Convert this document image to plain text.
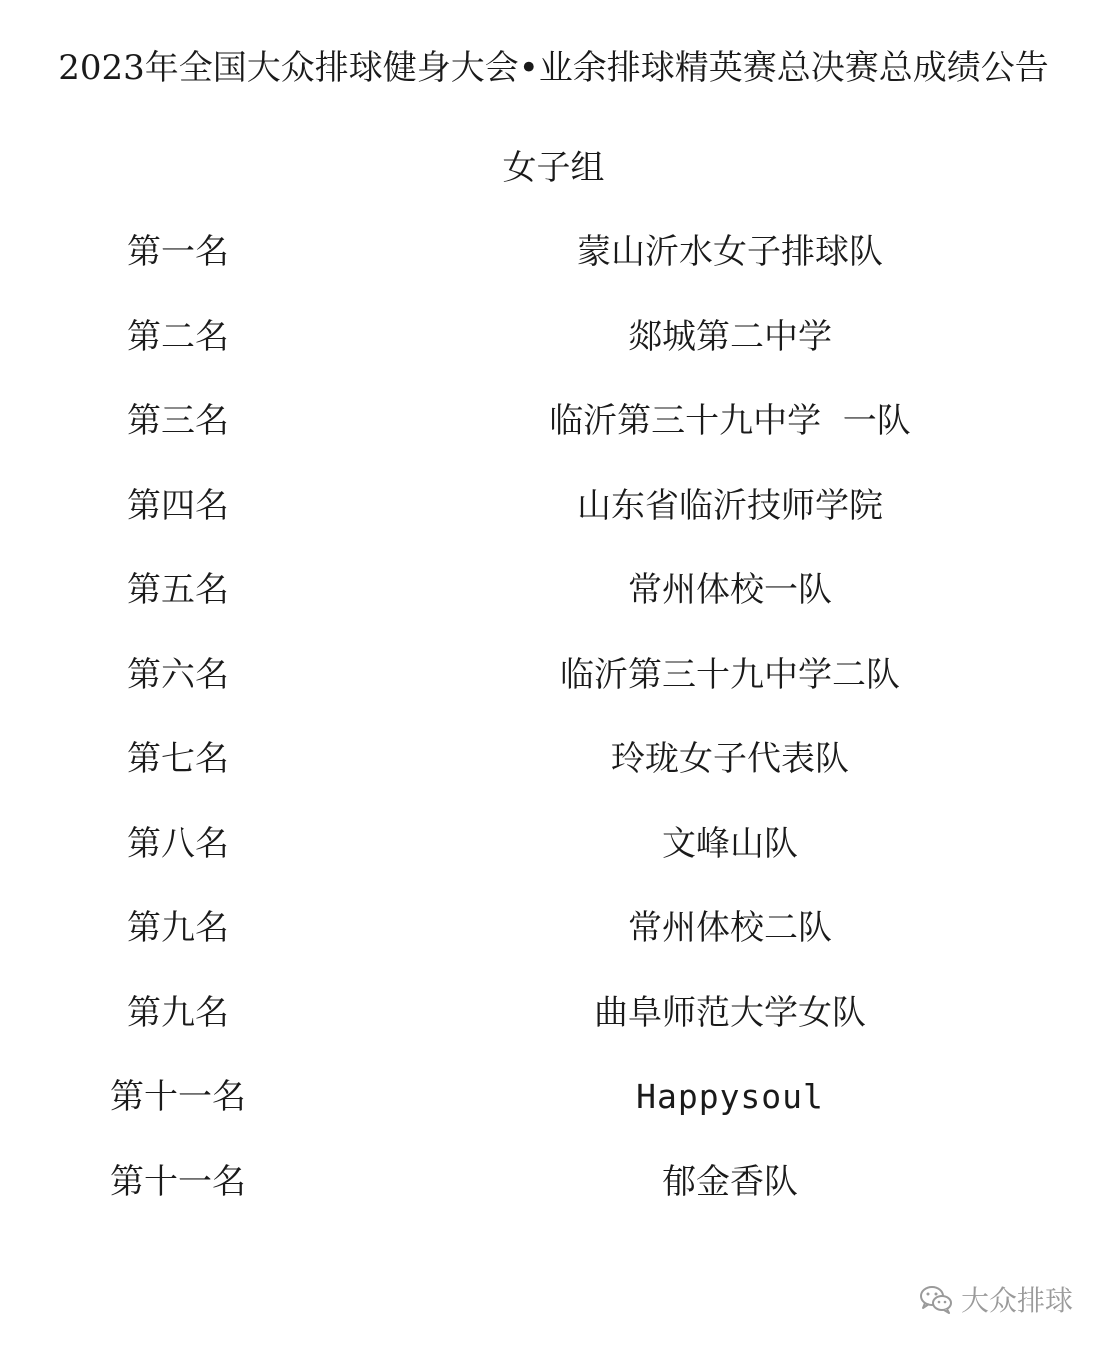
2023年全国大众排球健身大会•业余排球精英赛总决赛总成绩公告
女子组
第一名	蒙山沂水女子排球队
第二名	郯城第二中学
第三名	临沂第三十九中学  一队
第四名	山东省临沂技师学院
第五名	常州体校一队
第六名	临沂第三十九中学二队
第七名	玲珑女子代表队
第八名	文峰山队
第九名	常州体校二队
第九名	曲阜师范大学女队
第十一名	Happysoul
第十一名	郁金香队
大众排球
